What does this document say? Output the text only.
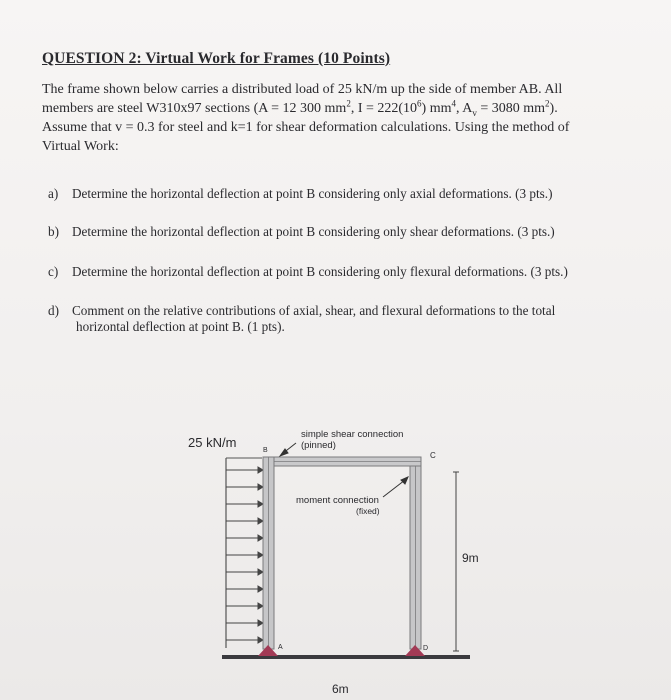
QUESTION 2: Virtual Work for Frames (10 Points)
The frame shown below carries a distributed load of 25 kN/m up the side of member AB. All
members are steel W310x97 sections (A = 12 300 $mm^2$, $I = 222(10^6)$ $mm^4$, $A_v = 3080$ $mm^2$).
Assume that v = 0.3 for steel and k=1 for shear deformation calculations. Using the method of
Virtual Work:
a) Determine the horizontal deflection at point B considering only axial deformations. (3 pts.)
b) Determine the horizontal deflection at point B considering only shear deformations. (3 pts.)
c) Determine the horizontal deflection at point B considering only flexural deformations. (3 pts.)
d) Comment on the relative contributions of axial, shear, and flexural deformations to the total
horizontal deflection at point B. (1 pts).
25 kN/m
simple shear connection
(pinned)
moment connection
(fixed)
B
C
A	D
9m
6m
